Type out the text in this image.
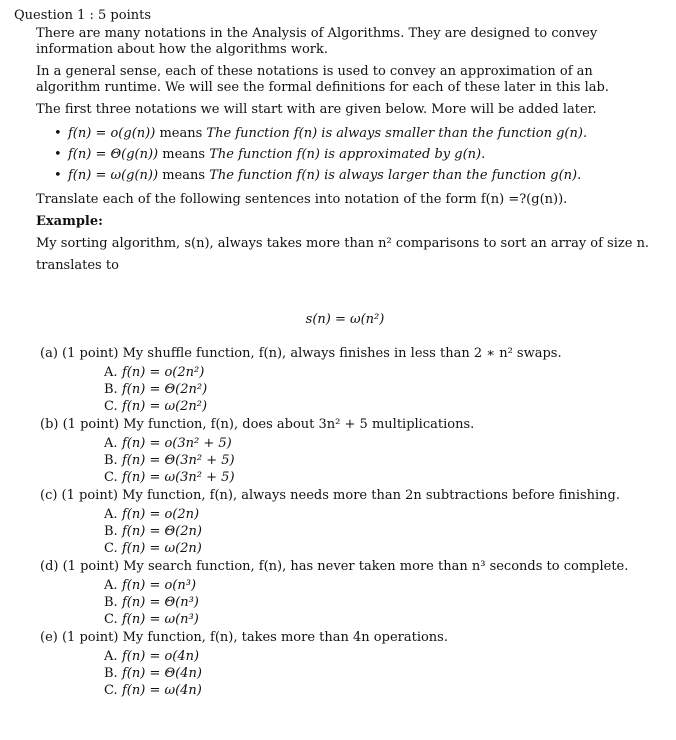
Question 1 : 5 points

There are many notations in the Analysis of Algorithms. They are designed to convey information about how the algorithms work.

In a general sense, each of these notations is used to convey an approximation of an algorithm runtime. We will see the formal definitions for each of these later in this lab.

The first three notations we will start with are given below. More will be added later.

• f(n) = o(g(n)) means The function f(n) is always smaller than the function g(n).
• f(n) = Θ(g(n)) means The function f(n) is approximated by g(n).
• f(n) = ω(g(n)) means The function f(n) is always larger than the function g(n).

Translate each of the following sentences into notation of the form f(n) =?(g(n)).

Example:

My sorting algorithm, s(n), always takes more than n² comparisons to sort an array of size n.

translates to

s(n) = ω(n²)
(a) (1 point) My shuffle function, f(n), always finishes in less than 2 ∗ n² swaps.
A. f(n) = o(2n²)
B. f(n) = Θ(2n²)
C. f(n) = ω(2n²)
(b) (1 point) My function, f(n), does about 3n² + 5 multiplications.
A. f(n) = o(3n² + 5)
B. f(n) = Θ(3n² + 5)
C. f(n) = ω(3n² + 5)
(c) (1 point) My function, f(n), always needs more than 2n subtractions before finishing.
A. f(n) = o(2n)
B. f(n) = Θ(2n)
C. f(n) = ω(2n)
(d) (1 point) My search function, f(n), has never taken more than n³ seconds to complete.
A. f(n) = o(n³)
B. f(n) = Θ(n³)
C. f(n) = ω(n³)
(e) (1 point) My function, f(n), takes more than 4n operations.
A. f(n) = o(4n)
B. f(n) = Θ(4n)
C. f(n) = ω(4n)
